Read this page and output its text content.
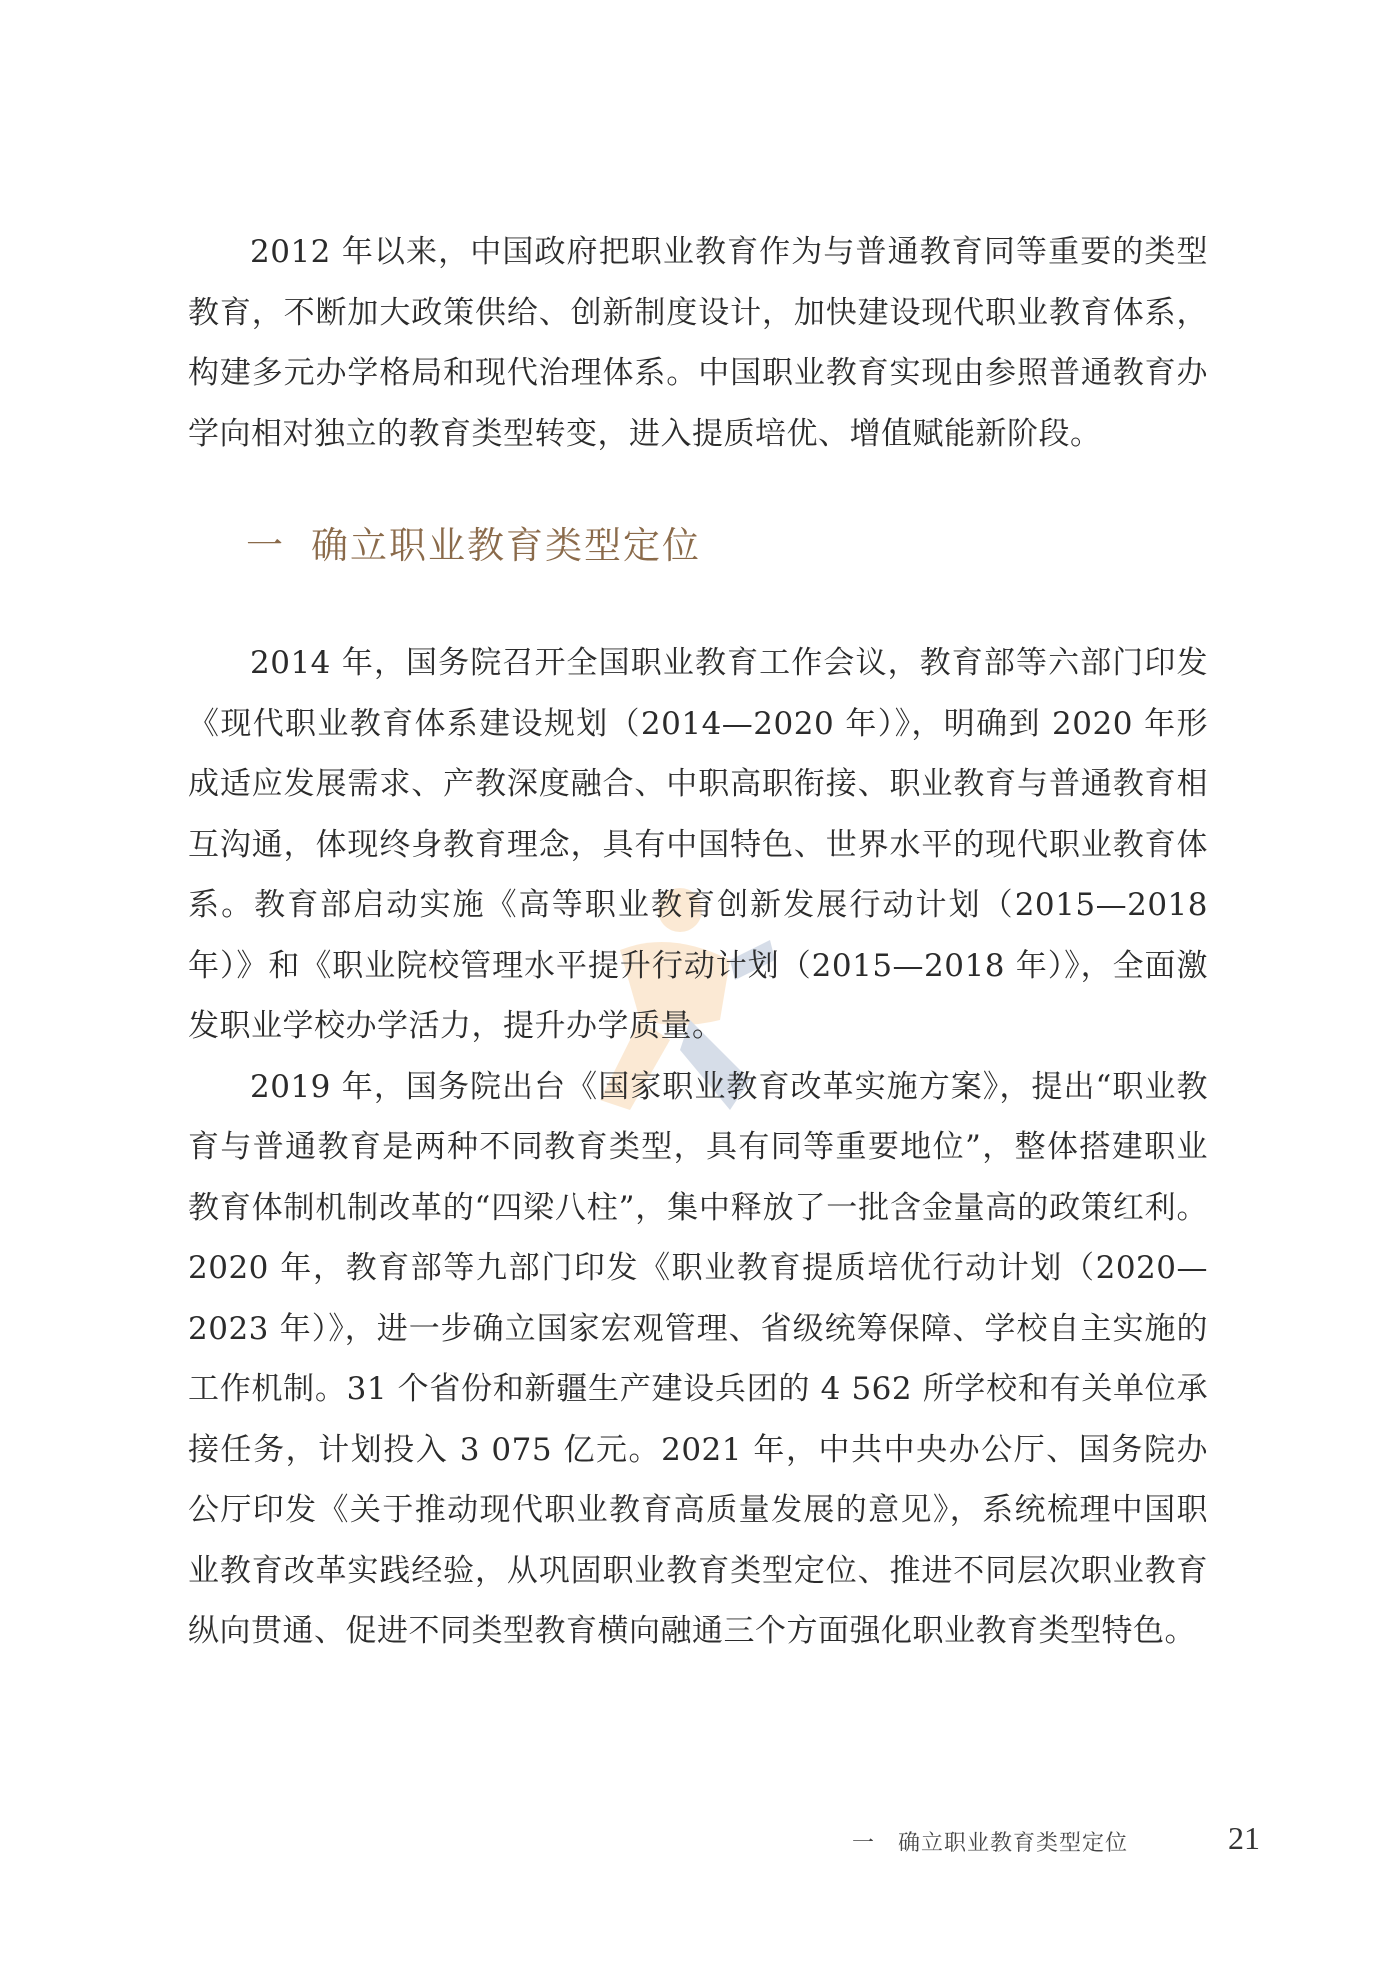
2012 年以来，中国政府把职业教育作为与普通教育同等重要的类型教育，不断加大政策供给、创新制度设计，加快建设现代职业教育体系，构建多元办学格局和现代治理体系。中国职业教育实现由参照普通教育办学向相对独立的教育类型转变，进入提质培优、增值赋能新阶段。

一 确立职业教育类型定位

2014 年，国务院召开全国职业教育工作会议，教育部等六部门印发《现代职业教育体系建设规划（2014—2020 年）》，明确到 2020 年形成适应发展需求、产教深度融合、中职高职衔接、职业教育与普通教育相互沟通，体现终身教育理念，具有中国特色、世界水平的现代职业教育体系。教育部启动实施《高等职业教育创新发展行动计划（2015—2018 年）》和《职业院校管理水平提升行动计划（2015—2018 年）》，全面激发职业学校办学活力，提升办学质量。

2019 年，国务院出台《国家职业教育改革实施方案》，提出“职业教育与普通教育是两种不同教育类型，具有同等重要地位”，整体搭建职业教育体制机制改革的“四梁八柱”，集中释放了一批含金量高的政策红利。2020 年，教育部等九部门印发《职业教育提质培优行动计划（2020—2023 年）》，进一步确立国家宏观管理、省级统筹保障、学校自主实施的工作机制。31 个省份和新疆生产建设兵团的 4 562 所学校和有关单位承接任务，计划投入 3 075 亿元。2021 年，中共中央办公厅、国务院办公厅印发《关于推动现代职业教育高质量发展的意见》，系统梳理中国职业教育改革实践经验，从巩固职业教育类型定位、推进不同层次职业教育纵向贯通、促进不同类型教育横向融通三个方面强化职业教育类型特色。

一　确立职业教育类型定位	21
